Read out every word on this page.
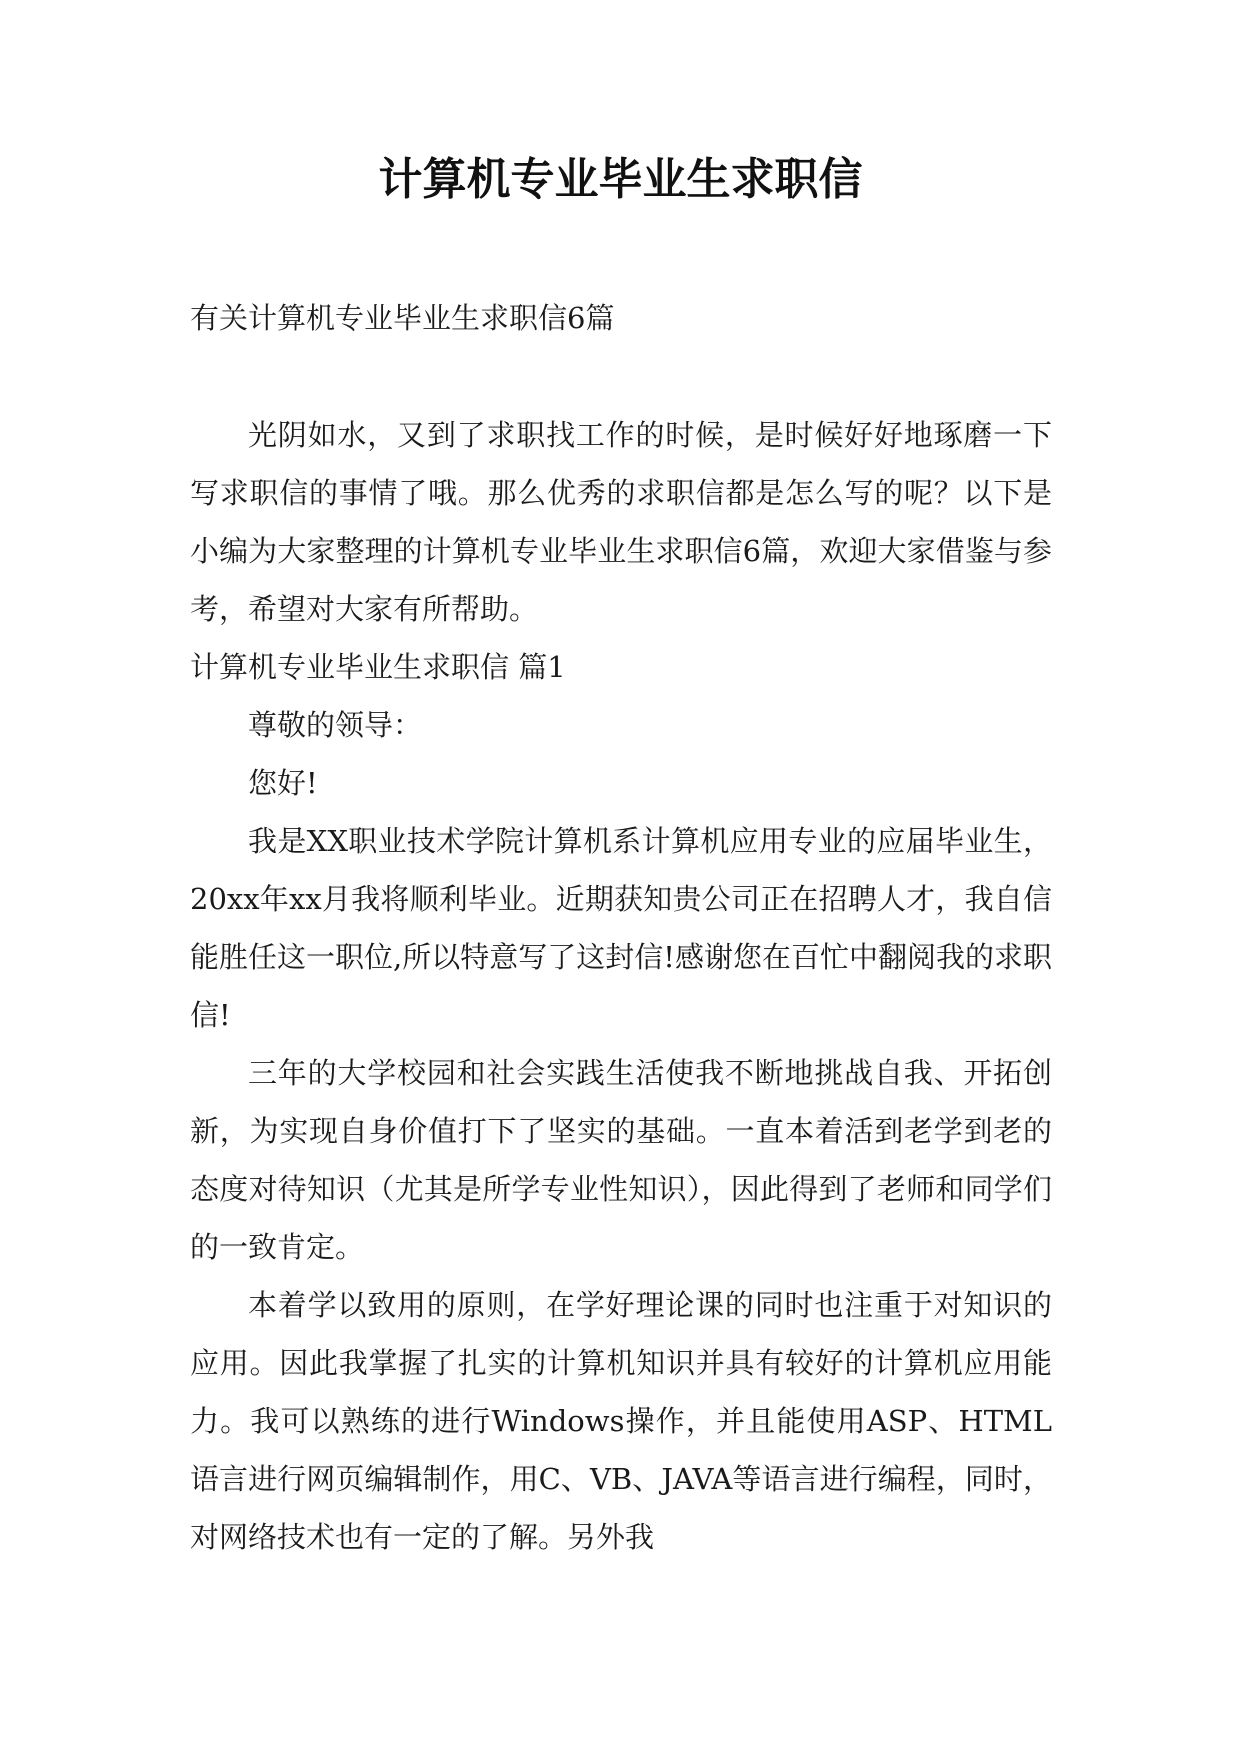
计算机专业毕业生求职信
有关计算机专业毕业生求职信6篇

光阴如水，又到了求职找工作的时候，是时候好好地琢磨一下写求职信的事情了哦。那么优秀的求职信都是怎么写的呢？以下是小编为大家整理的计算机专业毕业生求职信6篇，欢迎大家借鉴与参考，希望对大家有所帮助。

计算机专业毕业生求职信 篇1

尊敬的领导：

您好!

我是XX职业技术学院计算机系计算机应用专业的应届毕业生， 20xx年xx月我将顺利毕业。近期获知贵公司正在招聘人才，我自信能胜任这一职位,所以特意写了这封信!感谢您在百忙中翻阅我的求职信!

三年的大学校园和社会实践生活使我不断地挑战自我、开拓创新，为实现自身价值打下了坚实的基础。一直本着活到老学到老的态度对待知识（尤其是所学专业性知识），因此得到了老师和同学们的一致肯定。

本着学以致用的原则，在学好理论课的同时也注重于对知识的应用。因此我掌握了扎实的计算机知识并具有较好的计算机应用能力。我可以熟练的进行Windows操作，并且能使用ASP、HTML语言进行网页编辑制作，用C、VB、JAVA等语言进行编程，同时，对网络技术也有一定的了解。另外我
